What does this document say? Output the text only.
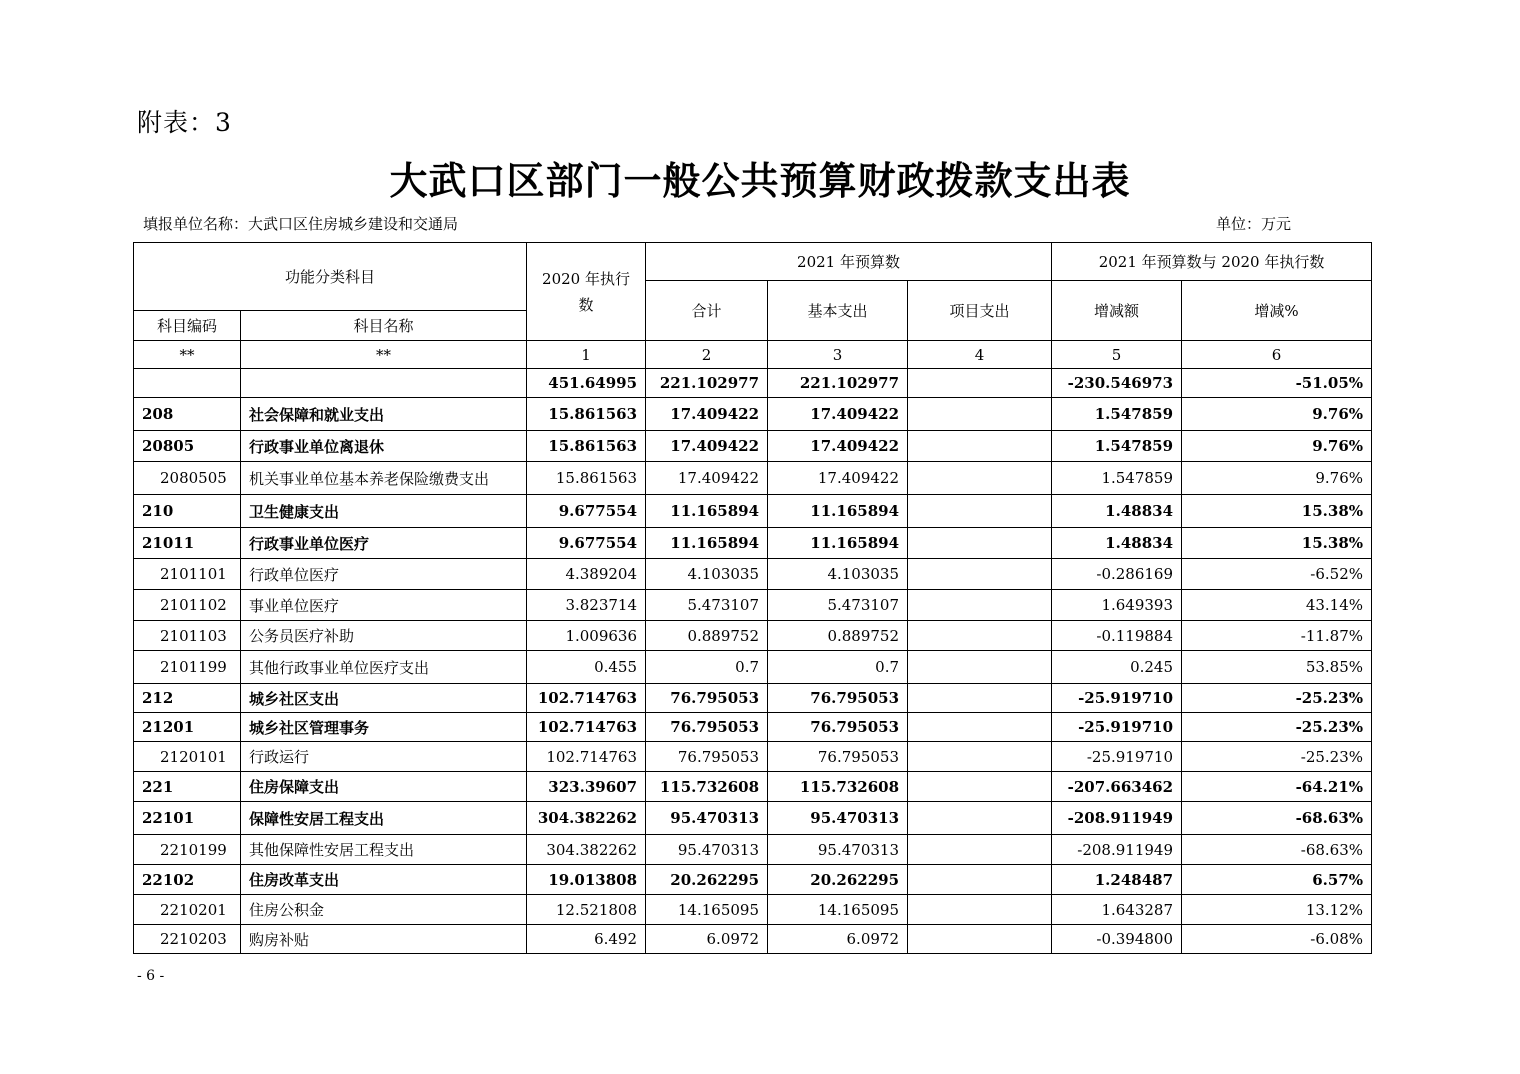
附表：3
大武口区部门一般公共预算财政拨款支出表
填报单位名称：大武口区住房城乡建设和交通局	单位：万元
功能分类科目		2020 年执行数	2021 年预算数			2021 年预算数与 2020 年执行数	
			合计	基本支出	项目支出	增减额	增减%
科目编码	科目名称						
**	**	1	2	3	4	5	6
		451.64995	221.102977	221.102977		-230.546973	-51.05%
208	社会保障和就业支出	15.861563	17.409422	17.409422		1.547859	9.76%
20805	行政事业单位离退休	15.861563	17.409422	17.409422		1.547859	9.76%
2080505	机关事业单位基本养老保险缴费支出	15.861563	17.409422	17.409422		1.547859	9.76%
210	卫生健康支出	9.677554	11.165894	11.165894		1.48834	15.38%
21011	行政事业单位医疗	9.677554	11.165894	11.165894		1.48834	15.38%
2101101	行政单位医疗	4.389204	4.103035	4.103035		-0.286169	-6.52%
2101102	事业单位医疗	3.823714	5.473107	5.473107		1.649393	43.14%
2101103	公务员医疗补助	1.009636	0.889752	0.889752		-0.119884	-11.87%
2101199	其他行政事业单位医疗支出	0.455	0.7	0.7		0.245	53.85%
212	城乡社区支出	102.714763	76.795053	76.795053		-25.919710	-25.23%
21201	城乡社区管理事务	102.714763	76.795053	76.795053		-25.919710	-25.23%
2120101	行政运行	102.714763	76.795053	76.795053		-25.919710	-25.23%
221	住房保障支出	323.39607	115.732608	115.732608		-207.663462	-64.21%
22101	保障性安居工程支出	304.382262	95.470313	95.470313		-208.911949	-68.63%
2210199	其他保障性安居工程支出	304.382262	95.470313	95.470313		-208.911949	-68.63%
22102	住房改革支出	19.013808	20.262295	20.262295		1.248487	6.57%
2210201	住房公积金	12.521808	14.165095	14.165095		1.643287	13.12%
2210203	购房补贴	6.492	6.0972	6.0972		-0.394800	-6.08%
- 6 -
